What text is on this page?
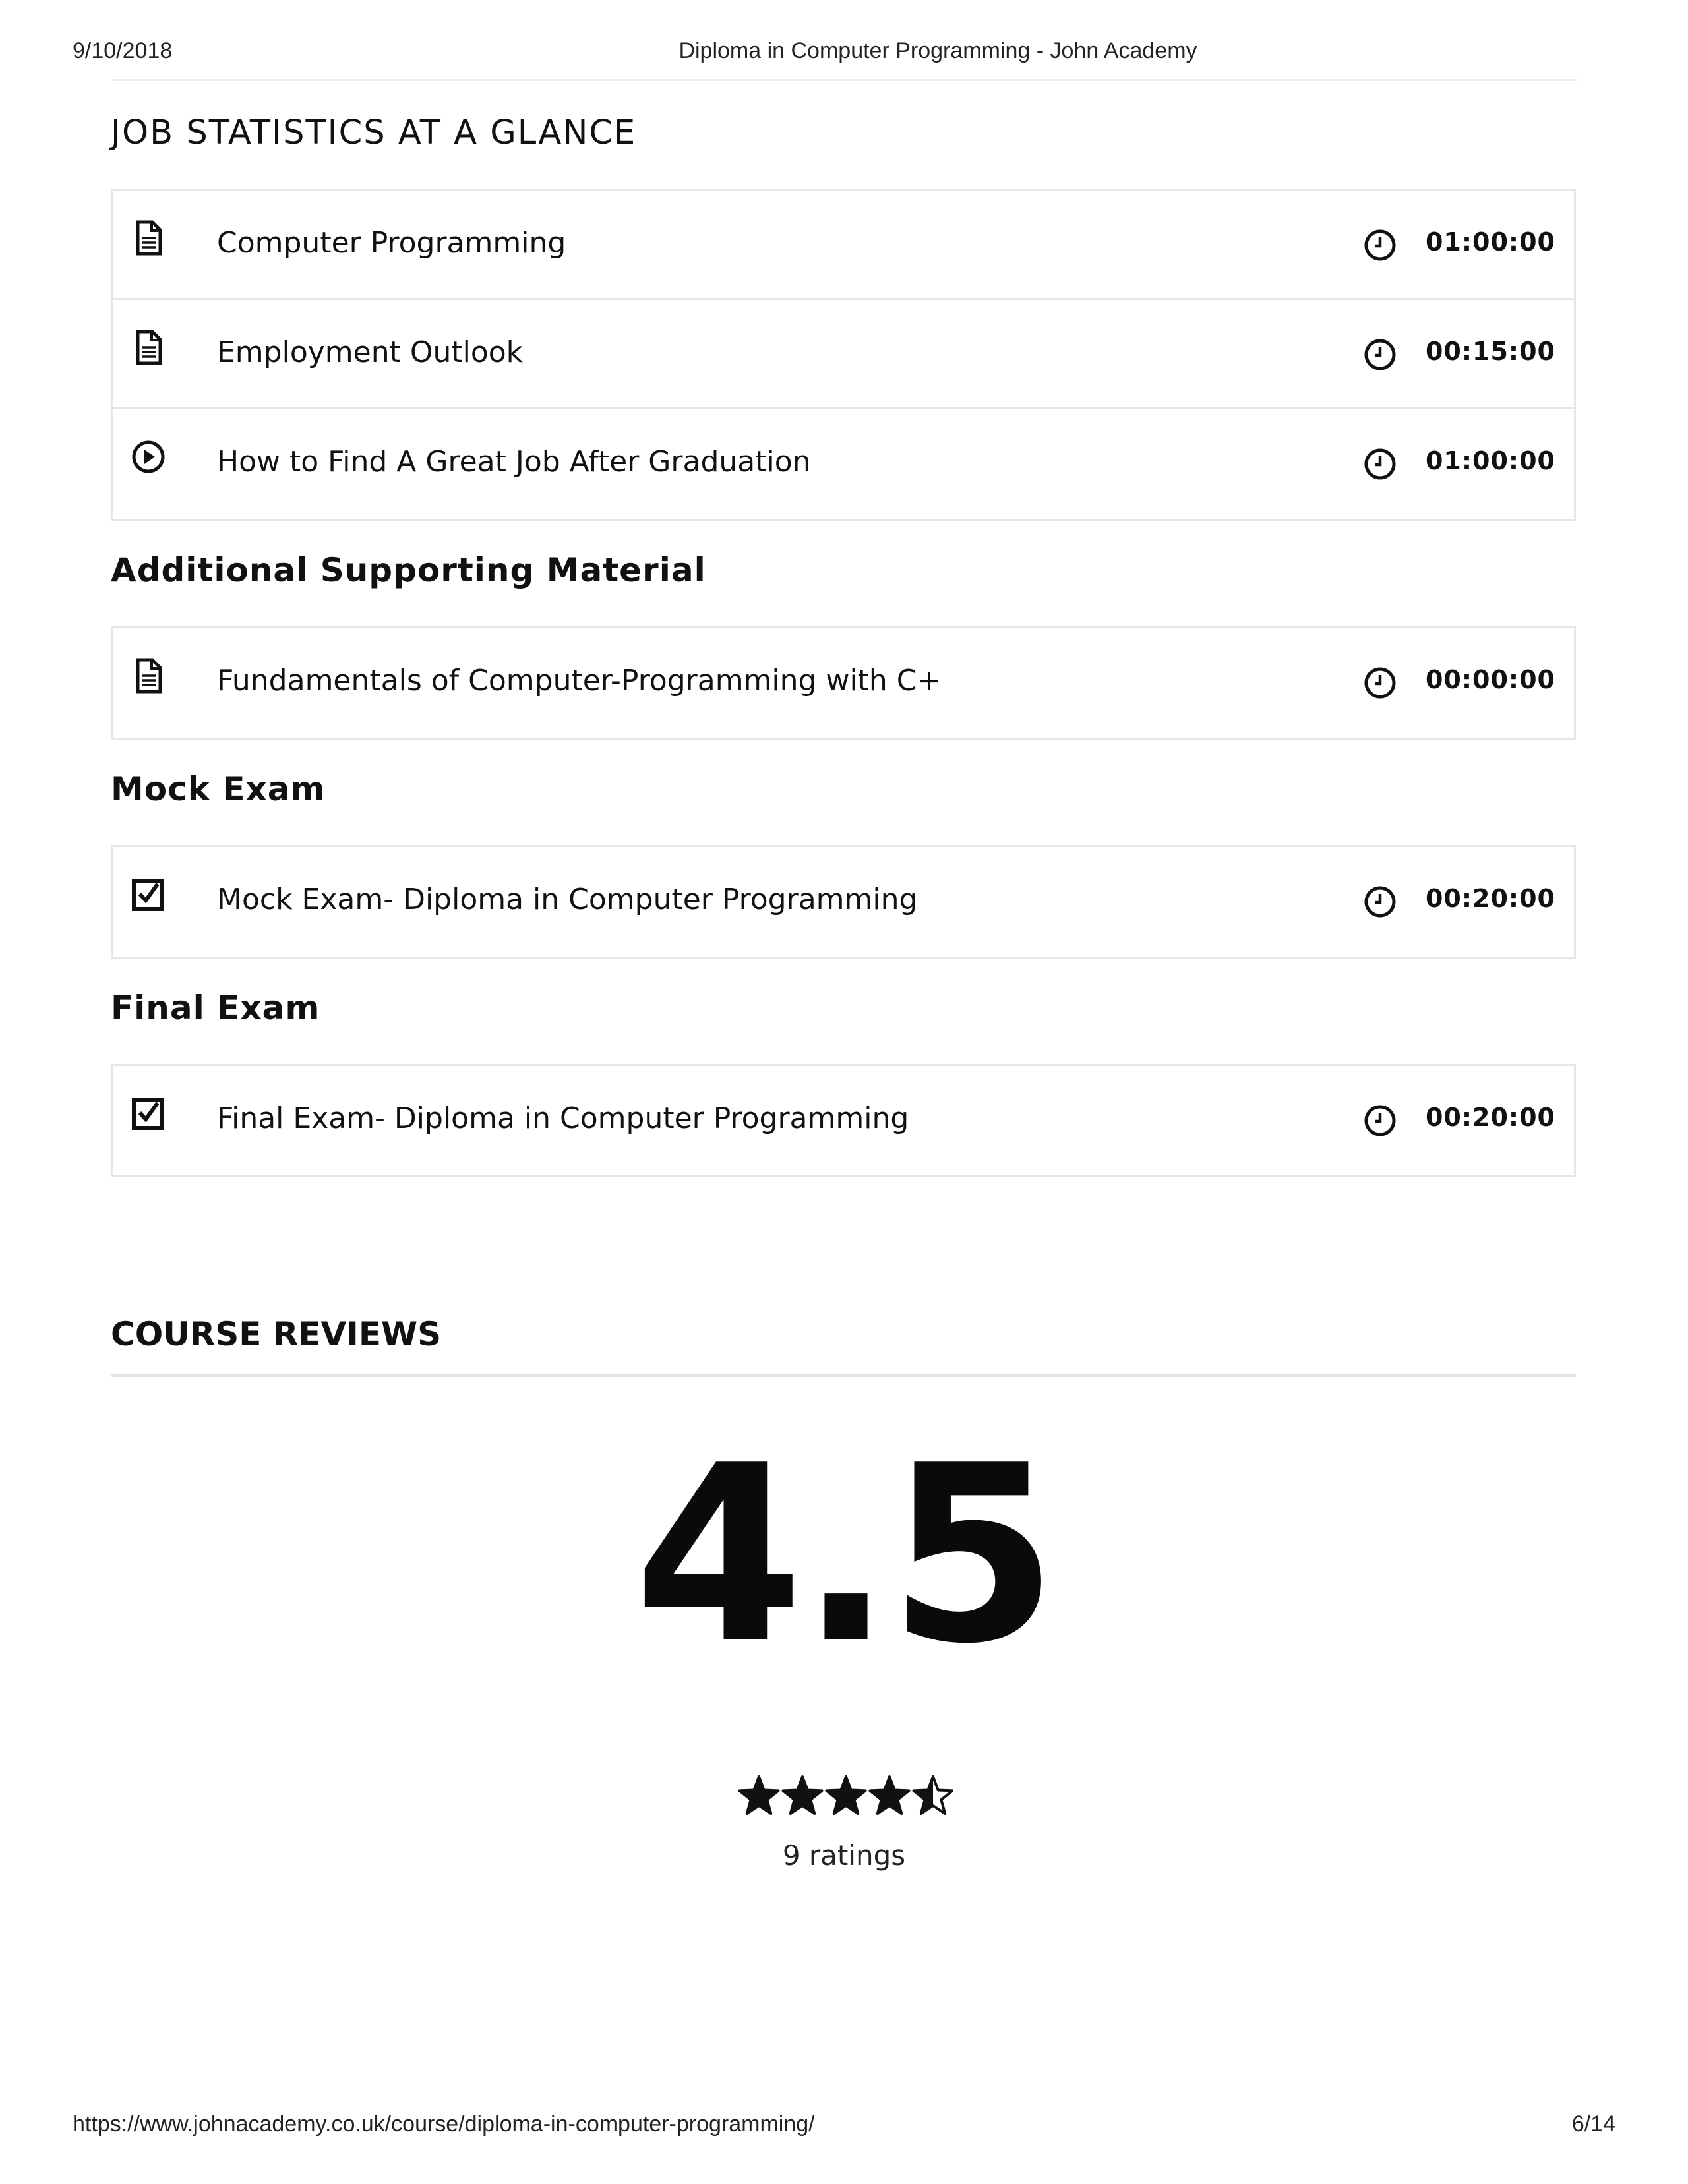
9/10/2018	Diploma in Computer Programming - John Academy
JOB STATISTICS AT A GLANCE
Computer Programming	01:00:00
Employment Outlook	00:15:00
How to Find A Great Job After Graduation	01:00:00
Additional Supporting Material
Fundamentals of Computer-Programming with C+	00:00:00
Mock Exam
Mock Exam- Diploma in Computer Programming	00:20:00
Final Exam
Final Exam- Diploma in Computer Programming	00:20:00
COURSE REVIEWS
4.5
9 ratings
https://www.johnacademy.co.uk/course/diploma-in-computer-programming/	6/14
